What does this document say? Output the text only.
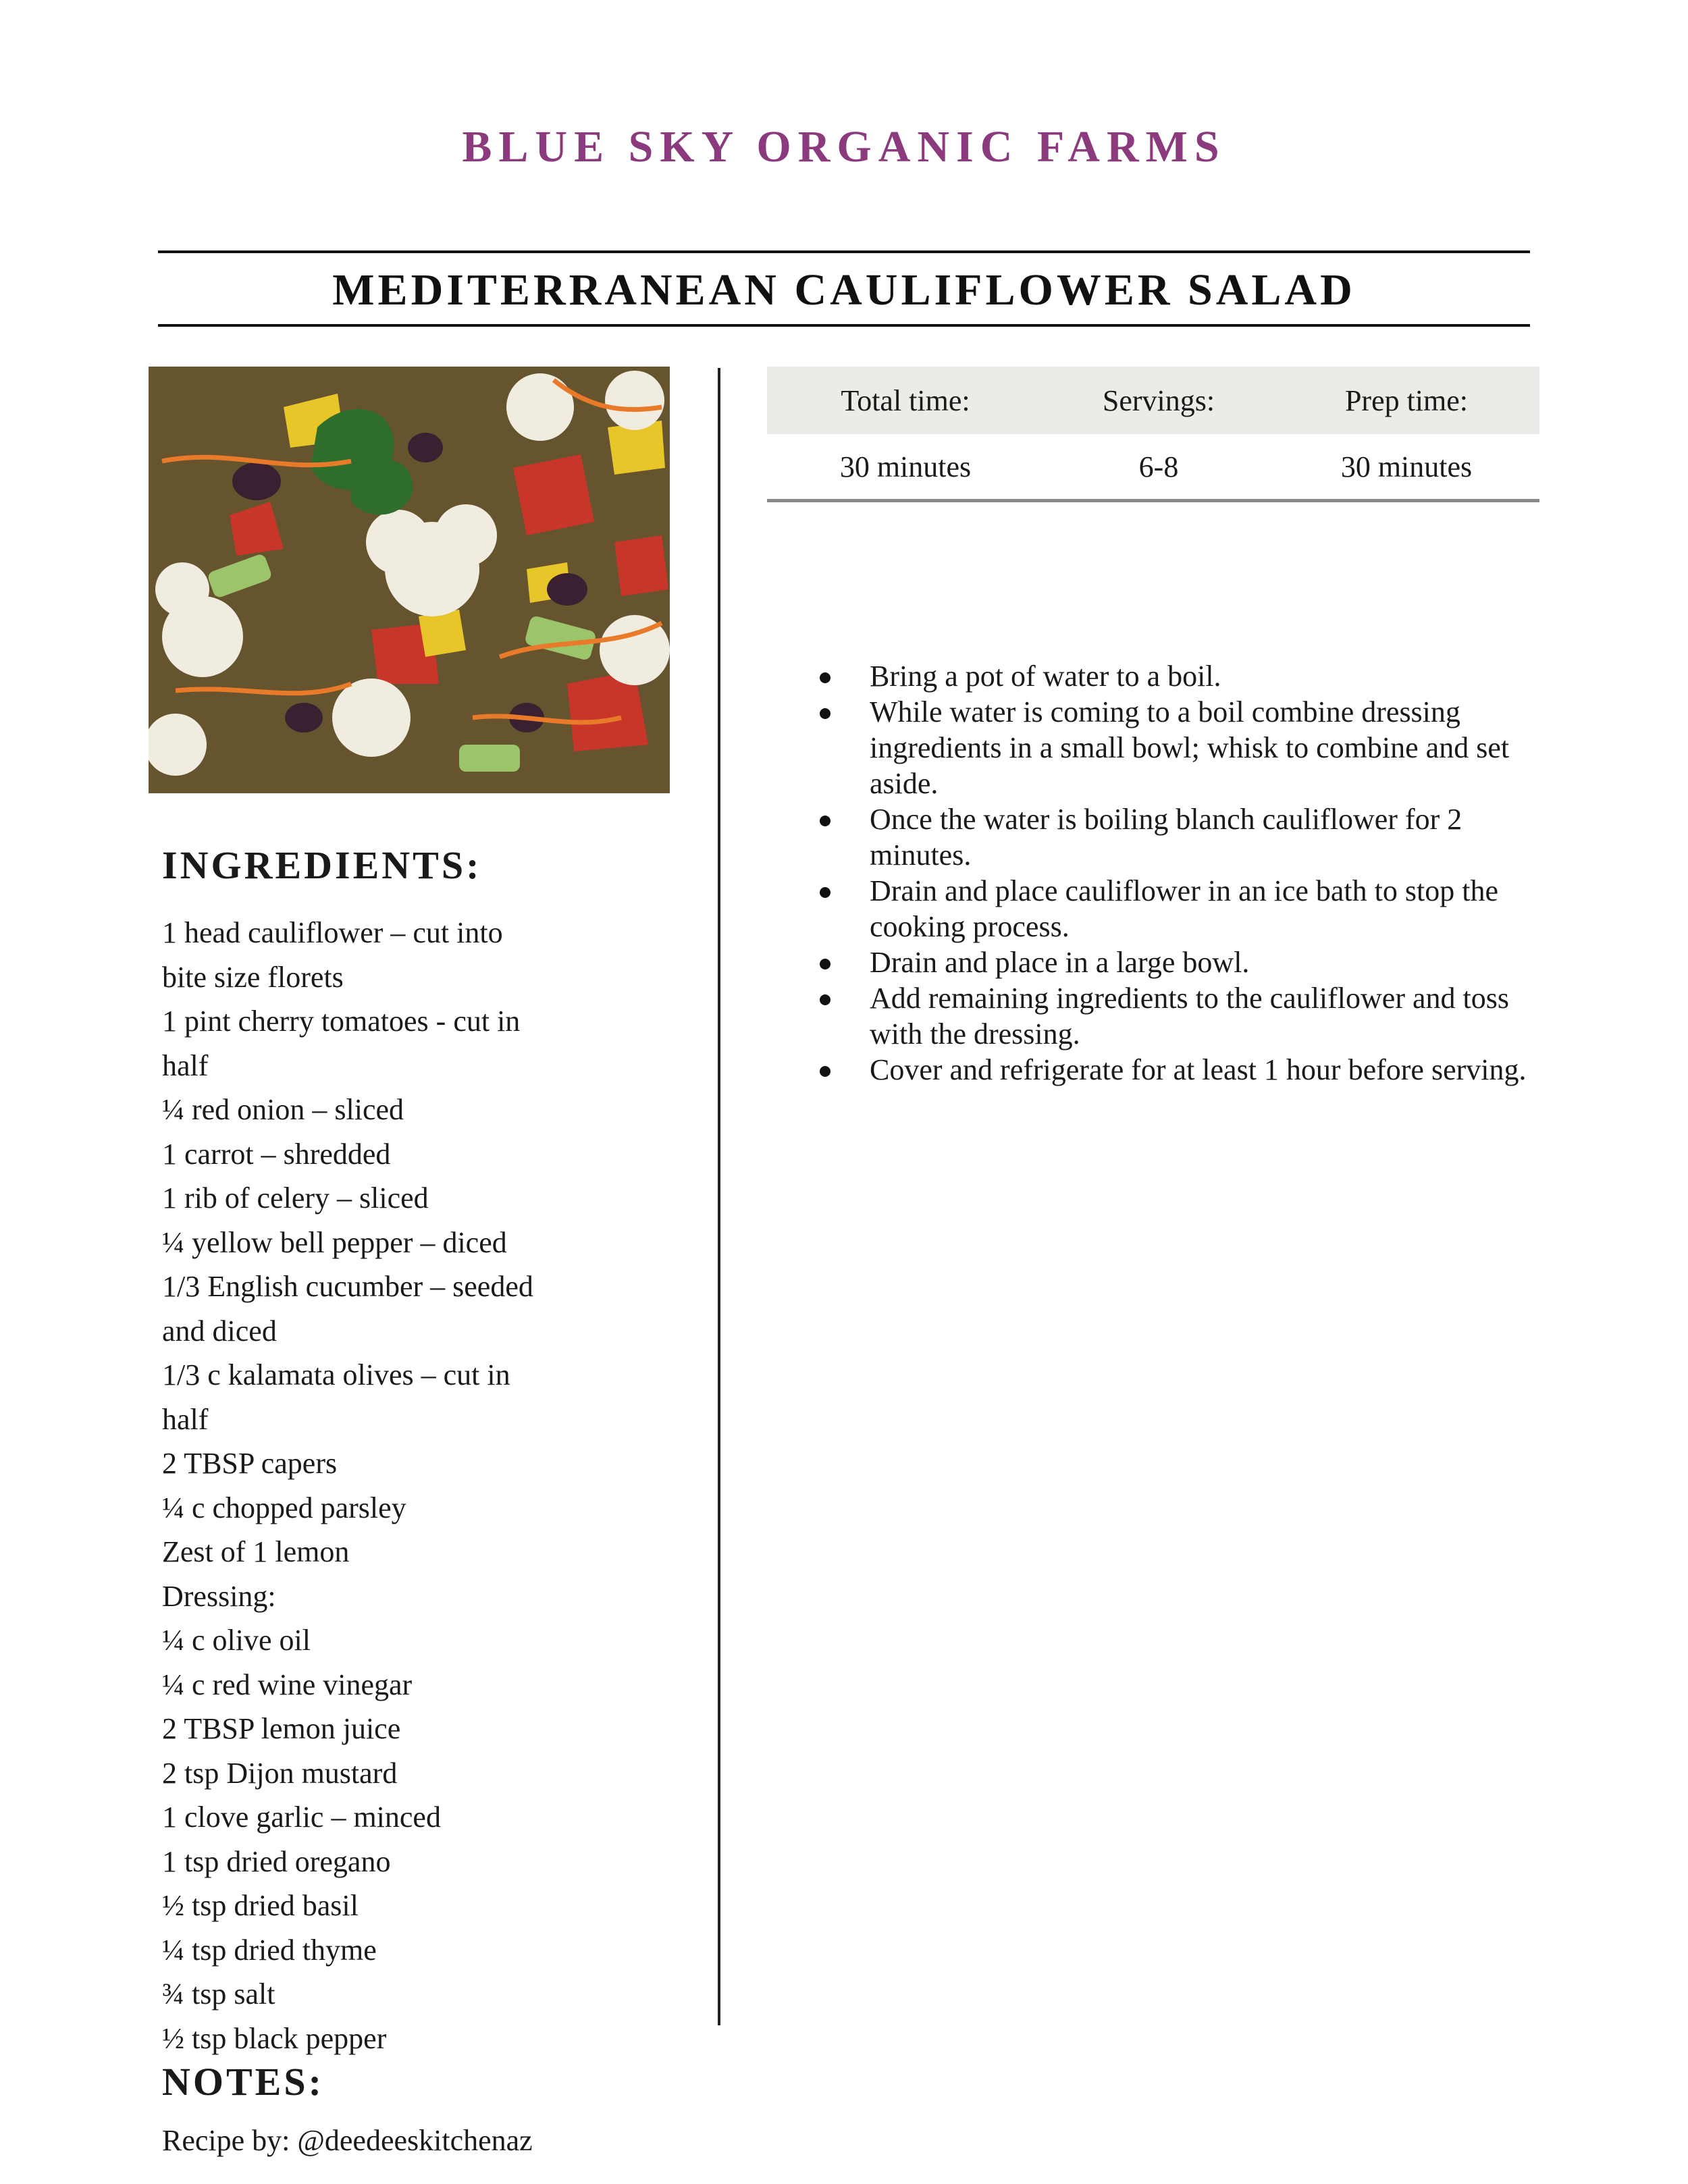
BLUE SKY ORGANIC FARMS
MEDITERRANEAN CAULIFLOWER SALAD
Total time:	Servings:	Prep time:
30 minutes	6-8	30 minutes
Bring a pot of water to a boil.
While water is coming to a boil combine dressing ingredients in a small bowl; whisk to combine and set aside.
Once the water is boiling blanch cauliflower for 2 minutes.
Drain and place cauliflower in an ice bath to stop the cooking process.
Drain and place in a large bowl.
Add remaining ingredients to the cauliflower and toss with the dressing.
Cover and refrigerate for at least 1 hour before serving.
INGREDIENTS:
1 head cauliflower – cut into
bite size florets
1 pint cherry tomatoes - cut in
half
¼ red onion – sliced
1 carrot – shredded
1 rib of celery – sliced
¼ yellow bell pepper – diced
1/3 English cucumber – seeded
and diced
1/3 c kalamata olives – cut in
half
2 TBSP capers
¼ c chopped parsley
Zest of 1 lemon
Dressing:
¼ c olive oil
¼ c red wine vinegar
2 TBSP lemon juice
2 tsp Dijon mustard
1 clove garlic – minced
1 tsp dried oregano
½ tsp dried basil
¼ tsp dried thyme
¾ tsp salt
½ tsp black pepper
NOTES:
Recipe by: @deedeeskitchenaz
